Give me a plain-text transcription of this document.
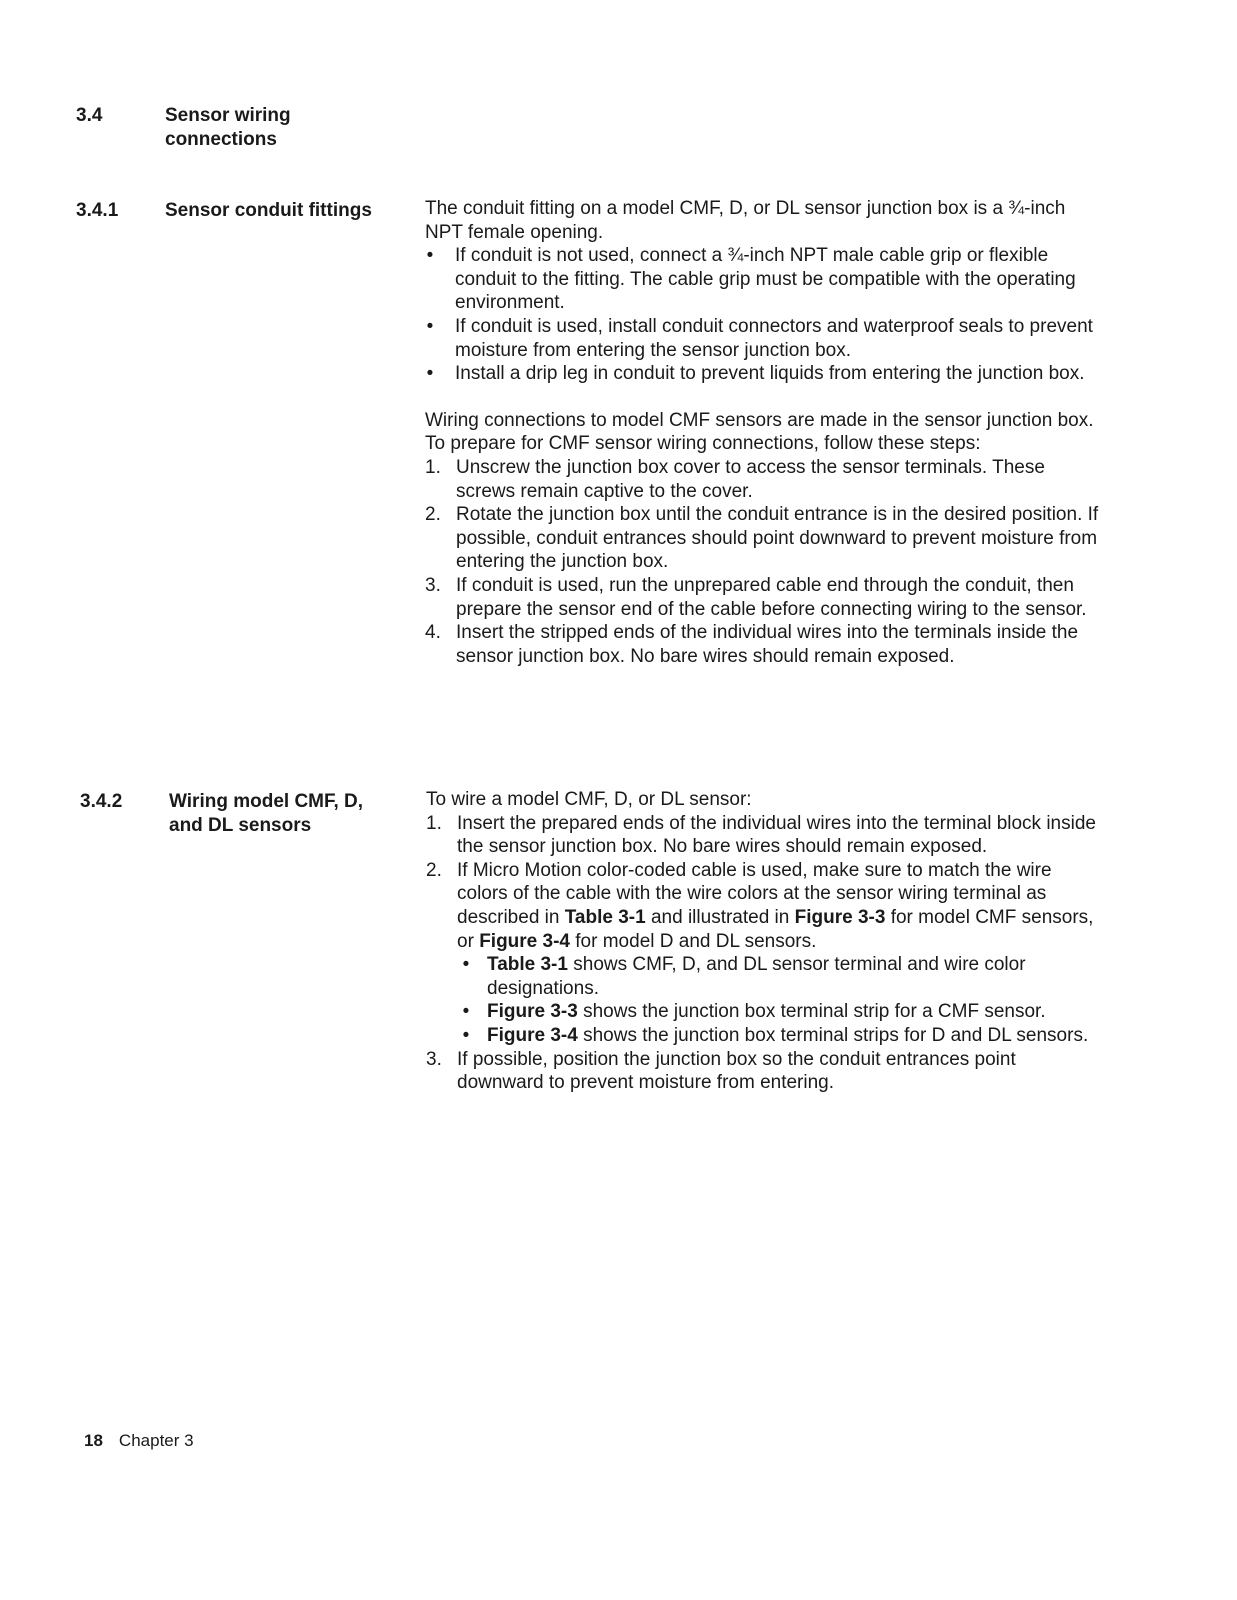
3.4	Sensor wiring
connections
3.4.1 Sensor conduit fittings	The conduit fitting on a model CMF, D, or DL sensor junction box is a ¾-inch NPT female opening.

• If conduit is not used, connect a ¾-inch NPT male cable grip or flexible conduit to the fitting. The cable grip must be compatible with the operating environment.
• If conduit is used, install conduit connectors and waterproof seals to prevent moisture from entering the sensor junction box.
• Install a drip leg in conduit to prevent liquids from entering the junction box.

Wiring connections to model CMF sensors are made in the sensor junction box. To prepare for CMF sensor wiring connections, follow these steps:

1. Unscrew the junction box cover to access the sensor terminals. These screws remain captive to the cover.
2. Rotate the junction box until the conduit entrance is in the desired position. If possible, conduit entrances should point downward to prevent moisture from entering the junction box.
3. If conduit is used, run the unprepared cable end through the conduit, then prepare the sensor end of the cable before connecting wiring to the sensor.
4. Insert the stripped ends of the individual wires into the terminals inside the sensor junction box. No bare wires should remain exposed.
3.4.2 Wiring model CMF, D,
and DL sensors

To wire a model CMF, D, or DL sensor:

1. Insert the prepared ends of the individual wires into the terminal block inside the sensor junction box. No bare wires should remain exposed.
2. If Micro Motion color-coded cable is used, make sure to match the wire colors of the cable with the wire colors at the sensor wiring terminal as described in Table 3-1 and illustrated in Figure 3-3 for model CMF sensors, or Figure 3-4 for model D and DL sensors.
• Table 3-1 shows CMF, D, and DL sensor terminal and wire color designations.
• Figure 3-3 shows the junction box terminal strip for a CMF sensor.
• Figure 3-4 shows the junction box terminal strips for D and DL sensors.
3. If possible, position the junction box so the conduit entrances point downward to prevent moisture from entering.
18 Chapter 3
